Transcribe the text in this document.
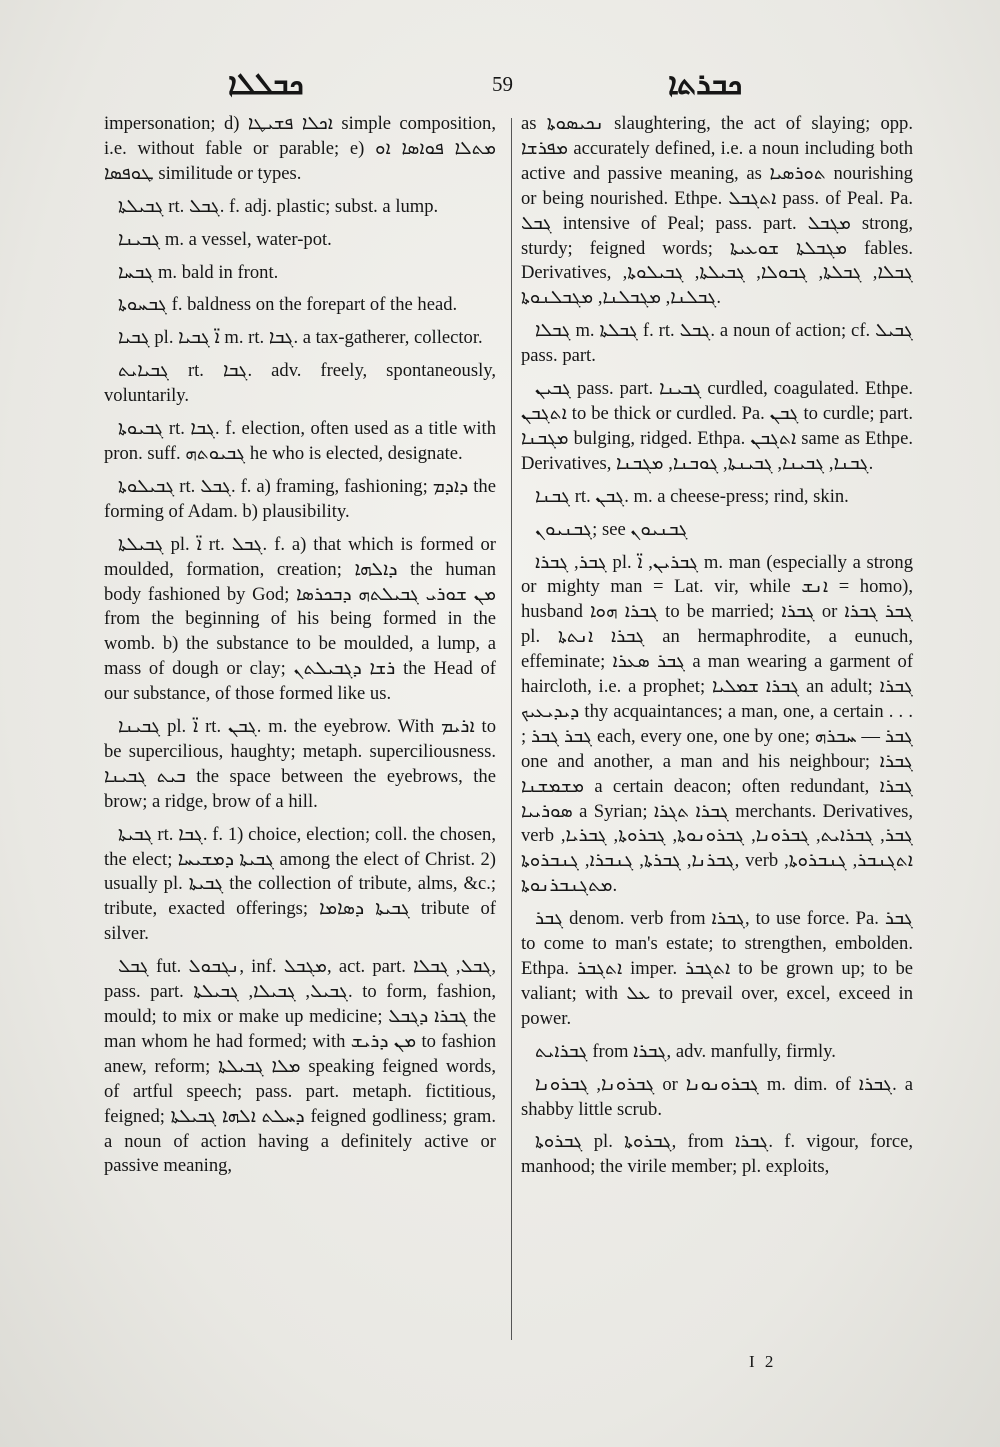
ܟܒܠܠܐ	59	ܟܒܪܬܐ

impersonation; d) ܐܟܠܐ ܦܫܝܛܐ simple composition, i.e. without fable or parable; e) ܡܬܠܐ ܦܘܐܣܐ ܐܘ ܛܘܦܣܐ similitude or types.

ܓܒܝܠܬܐ rt. ܓܒܠ. f. adj. plastic; subst. a lump.

ܓܒܝܢܐ m. a vessel, water-pot.

ܓܒܚܐ m. bald in front.

ܓܒܚܘܬܐ f. baldness on the forepart of the head.

ܓܒܝܐ pl. ܐ̈ ܓܒܝܐ m. rt. ܓܒܐ. a tax-gatherer, collector.

ܓܒܝܐܝܬ rt. ܓܒܐ. adv. freely, spontaneously, voluntarily.

ܓܒܝܘܬܐ rt. ܓܒܐ. f. election, often used as a title with pron. suff. ܓܒܝܘܬܗ he who is elected, designate.

ܓܒܝܠܘܬܐ rt. ܓܒܠ. f. a) framing, fashioning; ܕܐܕܡ the forming of Adam. b) plausibility.

ܓܒܝܠܬܐ pl. ܐ̈ rt. ܓܒܠ. f. a) that which is formed or moulded, formation, creation; ܕܐܠܗܐ the human body fashioned by God; ܡܢ ܫܘܪܝ ܓܒܝܠܬܗ ܕܒܟܪܣܐ from the beginning of his being formed in the womb. b) the substance to be moulded, a lump, a mass of dough or clay; ܪܫܐ ܕܓܒܝܠܬܢ the Head of our substance, of those formed like us.

ܓܒܝܢܐ pl. ܐ̈ rt. ܓܒܢ. m. the eyebrow. With ܐܪܝܡ to be supercilious, haughty; metaph. superciliousness. ܒܝܬ ܓܒܝܢܐ the space between the eyebrows, the brow; a ridge, brow of a hill.

ܓܒܝܬܐ rt. ܓܒܐ. f. 1) choice, election; coll. the chosen, the elect; ܓܒܝܬܐ ܕܡܫܝܚܐ among the elect of Christ. 2) usually pl. ܓܒܝܬܐ the collection of tribute, alms, &c.; tribute, exacted offerings; ܓܒܝܬܐ ܕܣܐܡܐ tribute of silver.

ܓܒܠ fut. ܢܓܒܘܠ, inf. ܡܓܒܠ, act. part. ܓܒܠ, ܓܒܠܐ, pass. part. ܓܒܝܠ, ܓܒܝܠܐ, ܓܒܝܠܬܐ. to form, fashion, mould; to mix or make up medicine; ܓܒܪܐ ܕܓܒܠ the man whom he had formed; with ܡܢ ܕܪܝܫ to fashion anew, reform; ܡܠܐ ܓܒܝܠܬܐ speaking feigned words, of artful speech; pass. part. metaph. fictitious, feigned; ܕܚܠܬ ܐܠܗܐ ܓܒܝܠܬܐ feigned godliness; gram. a noun of action having a definitely active or passive meaning,

as ܢܟܝܣܘܬܐ slaughtering, the act of slaying; opp. ܡܦܪܫܐ accurately defined, i.e. a noun including both active and passive meaning, as ܬܘܪܣܝܐ nourishing or being nourished. Ethpe. ܐܬܓܒܠ pass. of Peal. Pa. ܓܒܠ intensive of Peal; pass. part. ܡܓܒܠ strong, sturdy; feigned words; ܡܓܒܠܬܐ ܫܘܥܝܬܐ fables. Derivatives, ܓܒܠܐ, ܓܒܠܬܐ, ܓܒܘܠܐ, ܓܒܝܠܬܐ, ܓܒܝܠܘܬܐ, ܓܒܠܢܐ, ܡܓܒܠܢܐ, ܡܓܒܠܢܘܬܐ.

ܓܒܠܐ m. ܓܒܠܬܐ f. rt. ܓܒܠ. a noun of action; cf. ܓܒܝܠ pass. part.

ܓܒܝܢ pass. part. ܓܒܝܢܐ curdled, coagulated. Ethpe. ܐܬܓܒܢ to be thick or curdled. Pa. ܓܒܢ to curdle; part. ܡܓܒܢܐ bulging, ridged. Ethpa. ܐܬܓܒܢ same as Ethpe. Derivatives, ܓܒܢܐ, ܓܒܝܢܐ, ܓܒܝܢܬܐ, ܓܘܒܢܐ, ܡܓܒܢܐ.

ܓܒܢܐ rt. ܓܒܢ. m. a cheese-press; rind, skin.

ܓܒܢܝܘܢ; see ܓܒܢܝܘܢ

ܓܒܪ, ܓܒܪܐ pl. ܓܒܪܝܢ, ܐ̈ m. man (especially a strong or mighty man = Lat. vir, while ܐܢܫ = homo), husband ܓܒܪܐ ܗܘܐ to be married; ܓܒܪܐ or ܓܒܪ ܓܒܪܐ pl. ܓܒܪܐ ܐܢܬܬܐ an hermaphrodite, a eunuch, effeminate; ܓܒܪ ܣܥܪܐ a man wearing a garment of haircloth, i.e. a prophet; ܓܒܪܐ ܫܡܠܝܐ an adult; ܓܒܪܐ ܕܝܕܝܥܝܟ thy acquaintances; a man, one, a certain . . . ; ܓܒܪ ܓܒܪ each, every one, one by one; ܓܒܪ — ܚܒܪܗ one and another, a man and his neighbour; ܓܒܪܐ ܡܫܡܫܢܐ a certain deacon; often redundant, ܓܒܪܐ ܣܘܪܝܝܐ a Syrian; ܓܒܪܐ ܬܓܪܐ merchants. Derivatives, verb ܓܒܪ, ܓܒܪܐܝܬ, ܓܒܪܘܢܐ, ܓܒܪܘܢܘܬܐ, ܓܒܪܘܬܐ, ܓܒܪܝܐ, ܓܒܪܢܐ, ܓܒܪܬܐ, ܓܢܒܪܐ, ܓܢܒܪܘܬܐ, verb ܐܬܓܢܒܪ, ܓܢܒܪܘܬܐ, ܡܬܓܢܒܪܢܘܬܐ.

ܓܒܪ denom. verb from ܓܒܪܐ, to use force. Pa. ܓܒܪ to come to man's estate; to strengthen, embolden. Ethpa. ܐܬܓܒܪ imper. ܐܬܓܒܪ to be grown up; to be valiant; with ܥܠ to prevail over, excel, exceed in power.

ܓܒܪܐܝܬ from ܓܒܪܐ, adv. manfully, firmly.

ܓܒܪܘܢܐ, ܓܒܪܘܢܐ or ܓܒܪܘܢܘܢܐ m. dim. of ܓܒܪܐ. a shabby little scrub.

ܓܒܪܘܬܐ pl. ܓܒܪܘܬܐ, from ܓܒܪܐ. f. vigour, force, manhood; the virile member; pl. exploits,

I 2
